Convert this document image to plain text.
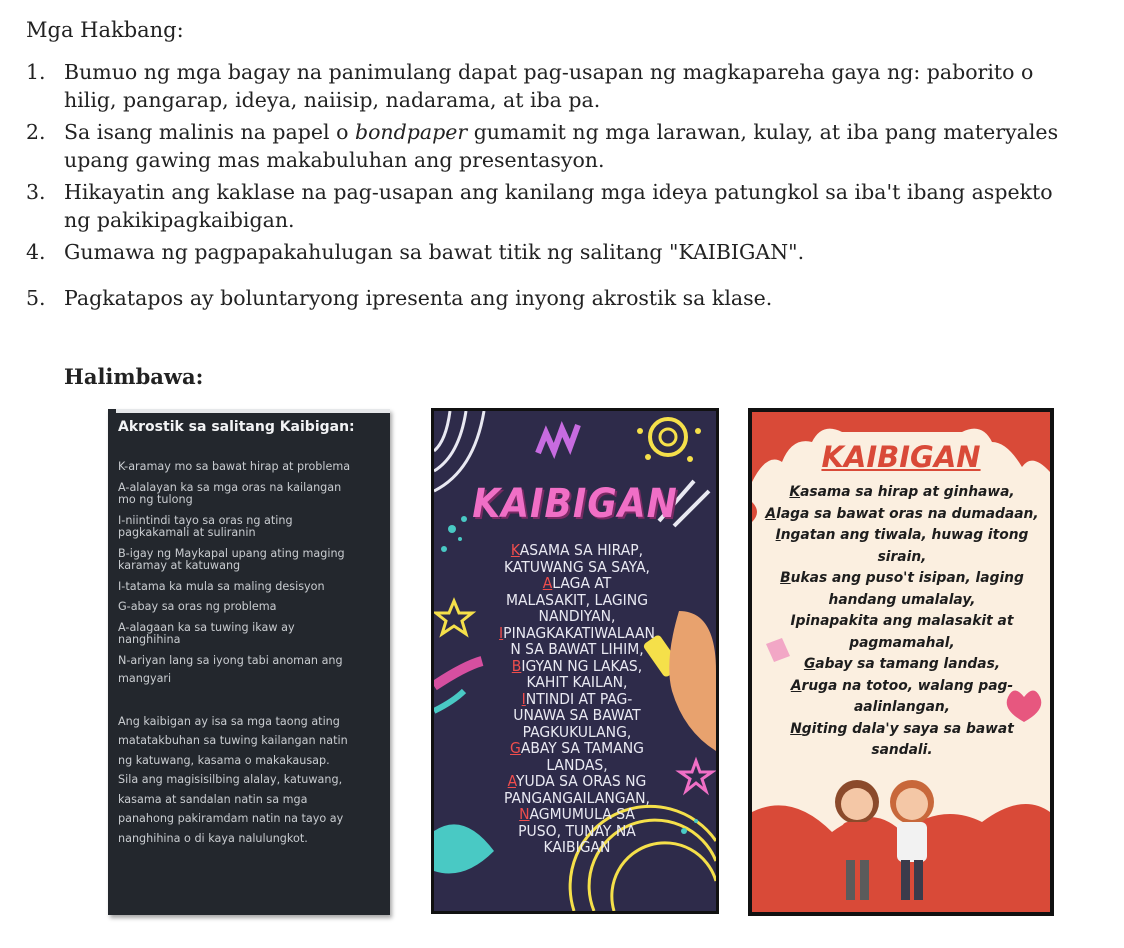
Mga Hakbang:
1. Bumuo ng mga bagay na panimulang dapat pag-usapan ng magkapareha gaya ng: paborito o
hilig, pangarap, ideya, naiisip, nadarama, at iba pa.
2. Sa isang malinis na papel o bondpaper gumamit ng mga larawan, kulay, at iba pang materyales
upang gawing mas makabuluhan ang presentasyon.
3. Hikayatin ang kaklase na pag-usapan ang kanilang mga ideya patungkol sa iba't ibang aspekto
ng pakikipagkaibigan.
4. Gumawa ng pagpapakahulugan sa bawat titik ng salitang "KAIBIGAN".
5. Pagkatapos ay boluntaryong ipresenta ang inyong akrostik sa klase.
Halimbawa:
Akrostik sa salitang Kaibigan:
K-aramay mo sa bawat hirap at problema
A-alalayan ka sa mga oras na kailangan
mo ng tulong
I-niintindi tayo sa oras ng ating
pagkakamali at suliranin
B-igay ng Maykapal upang ating maging
karamay at katuwang
I-tatama ka mula sa maling desisyon
G-abay sa oras ng problema
A-alagaan ka sa tuwing ikaw ay
nanghihina
N-ariyan lang sa iyong tabi anoman ang
mangyari
Ang kaibigan ay isa sa mga taong ating
matatakbuhan sa tuwing kailangan natin
ng katuwang, kasama o makakausap.
Sila ang magisisilbing alalay, katuwang,
kasama at sandalan natin sa mga
panahong pakiramdam natin na tayo ay
nanghihina o di kaya nalulungkot.
KAIBIGAN
KASAMA SA HIRAP,
KATUWANG SA SAYA,
ALAGA AT
MALASAKIT, LAGING
NANDIYAN,
IPINAGKAKATIWALAAN
N SA BAWAT LIHIM,
BIGYAN NG LAKAS,
KAHIT KAILAN,
INTINDI AT PAG-
UNAWA SA BAWAT
PAGKUKULANG,
GABAY SA TAMANG
LANDAS,
AYUDA SA ORAS NG
PANGANGAILANGAN,
NAGMUMULA SA
PUSO, TUNAY NA
KAIBIGAN
KAIBIGAN
Kasama sa hirap at ginhawa,
Alaga sa bawat oras na dumadaan,
Ingatan ang tiwala, huwag itong
sirain,
Bukas ang puso't isipan, laging
handang umalalay,
Ipinapakita ang malasakit at
pagmamahal,
Gabay sa tamang landas,
Aruga na totoo, walang pag-
aalinlangan,
Ngiting dala'y saya sa bawat sandali.
